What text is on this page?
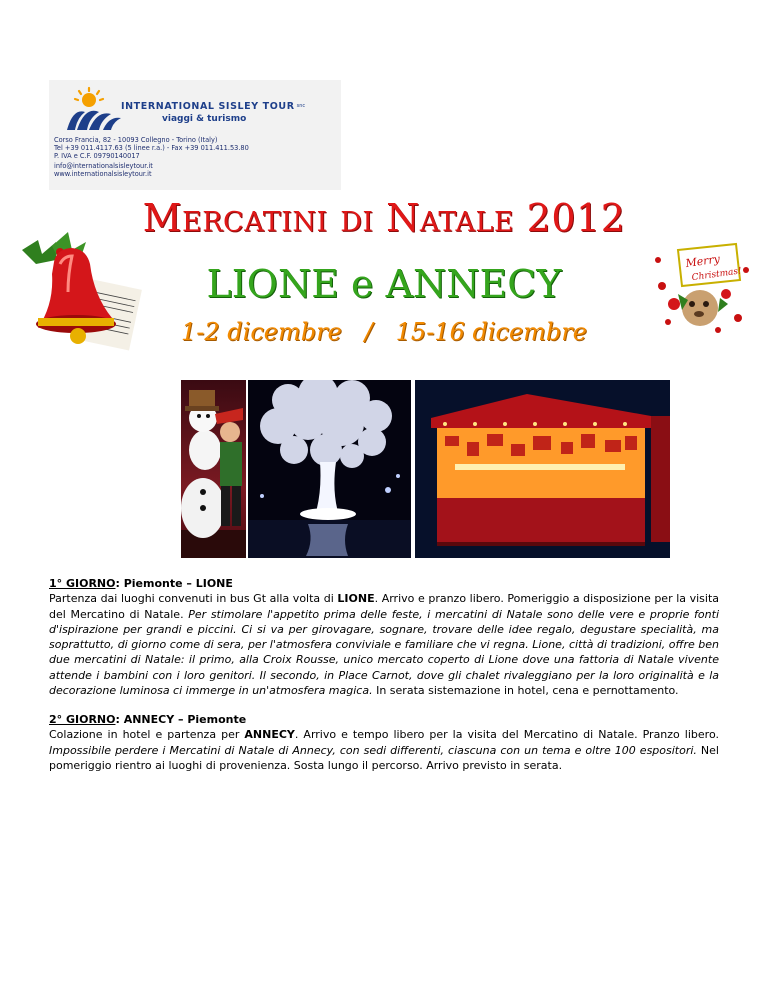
INTERNATIONAL SISLEY TOUR $^{snc}$
viaggi & turismo
Corso Francia, 82 - 10093 Collegno - Torino (Italy)
Tel +39 011.4117.63 (5 linee r.a.) - Fax +39 011.411.53.80
P. IVA e C.F. 09790140017
info@internationalsisleytour.it
www.internationalsisleytour.it
Merry
Christmas!
Mercatini di Natale 2012
LIONE e ANNECY
1-2 dicembre   /   15-16 dicembre
1° GIORNO: Piemonte – LIONE

Partenza dai luoghi convenuti in bus Gt alla volta di LIONE. Arrivo e pranzo libero. Pomeriggio a disposizione per la visita del Mercatino di Natale. Per stimolare l'appetito prima delle feste, i mercatini di Natale sono delle vere e proprie fonti d'ispirazione per grandi e piccini. Ci si va per girovagare, sognare, trovare delle idee regalo, degustare specialità, ma soprattutto, di giorno come di sera, per l'atmosfera conviviale e familiare che vi regna. Lione, città di tradizioni, offre ben due mercatini di Natale: il primo, alla Croix Rousse, unico mercato coperto di Lione dove una fattoria di Natale vivente attende i bambini con i loro genitori. Il secondo, in Place Carnot, dove gli chalet rivaleggiano per la loro originalità e la decorazione luminosa ci immerge in un'atmosfera magica. In serata sistemazione in hotel, cena e pernottamento.

2° GIORNO: ANNECY – Piemonte

Colazione in hotel e partenza per ANNECY. Arrivo e tempo libero per la visita del Mercatino di Natale. Pranzo libero. Impossibile perdere i Mercatini di Natale di Annecy, con sedi differenti, ciascuna con un tema e oltre 100 espositori. Nel pomeriggio rientro ai luoghi di provenienza. Sosta lungo il percorso. Arrivo previsto in serata.
